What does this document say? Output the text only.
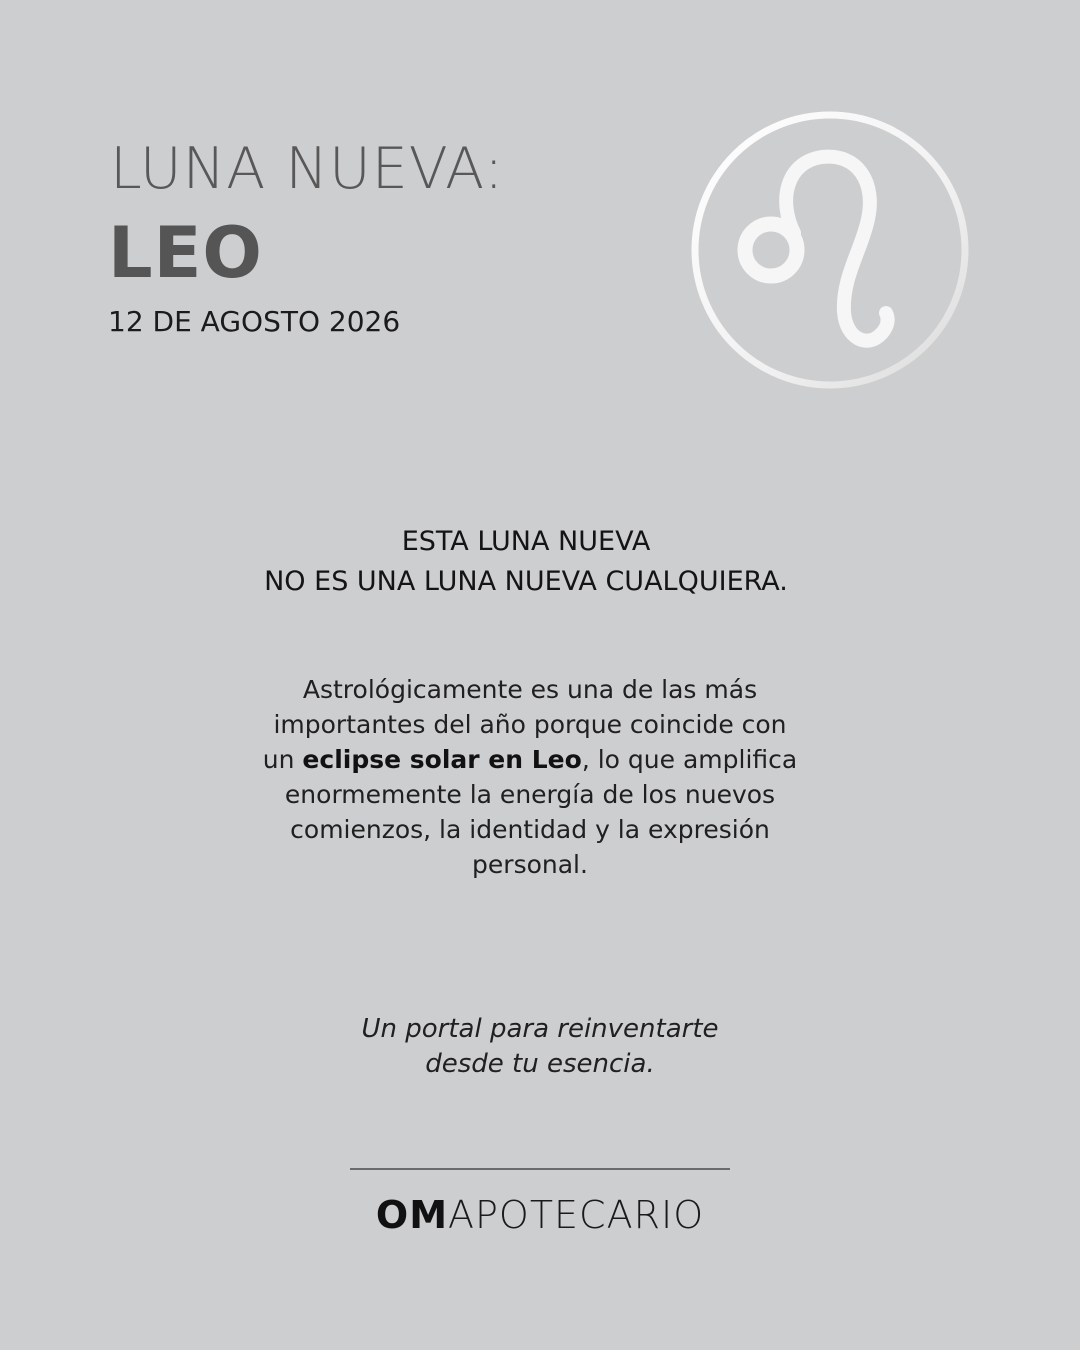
LUNA NUEVA:
LEO
12 DE AGOSTO 2026
ESTA LUNA NUEVA
NO ES UNA LUNA NUEVA CUALQUIERA.
Astrológicamente es una de las más importantes del año porque coincide con un eclipse solar en Leo, lo que amplifica enormemente la energía de los nuevos comienzos, la identidad y la expresión personal.
Un portal para reinventarte
desde tu esencia.
OMAPOTECARIO
